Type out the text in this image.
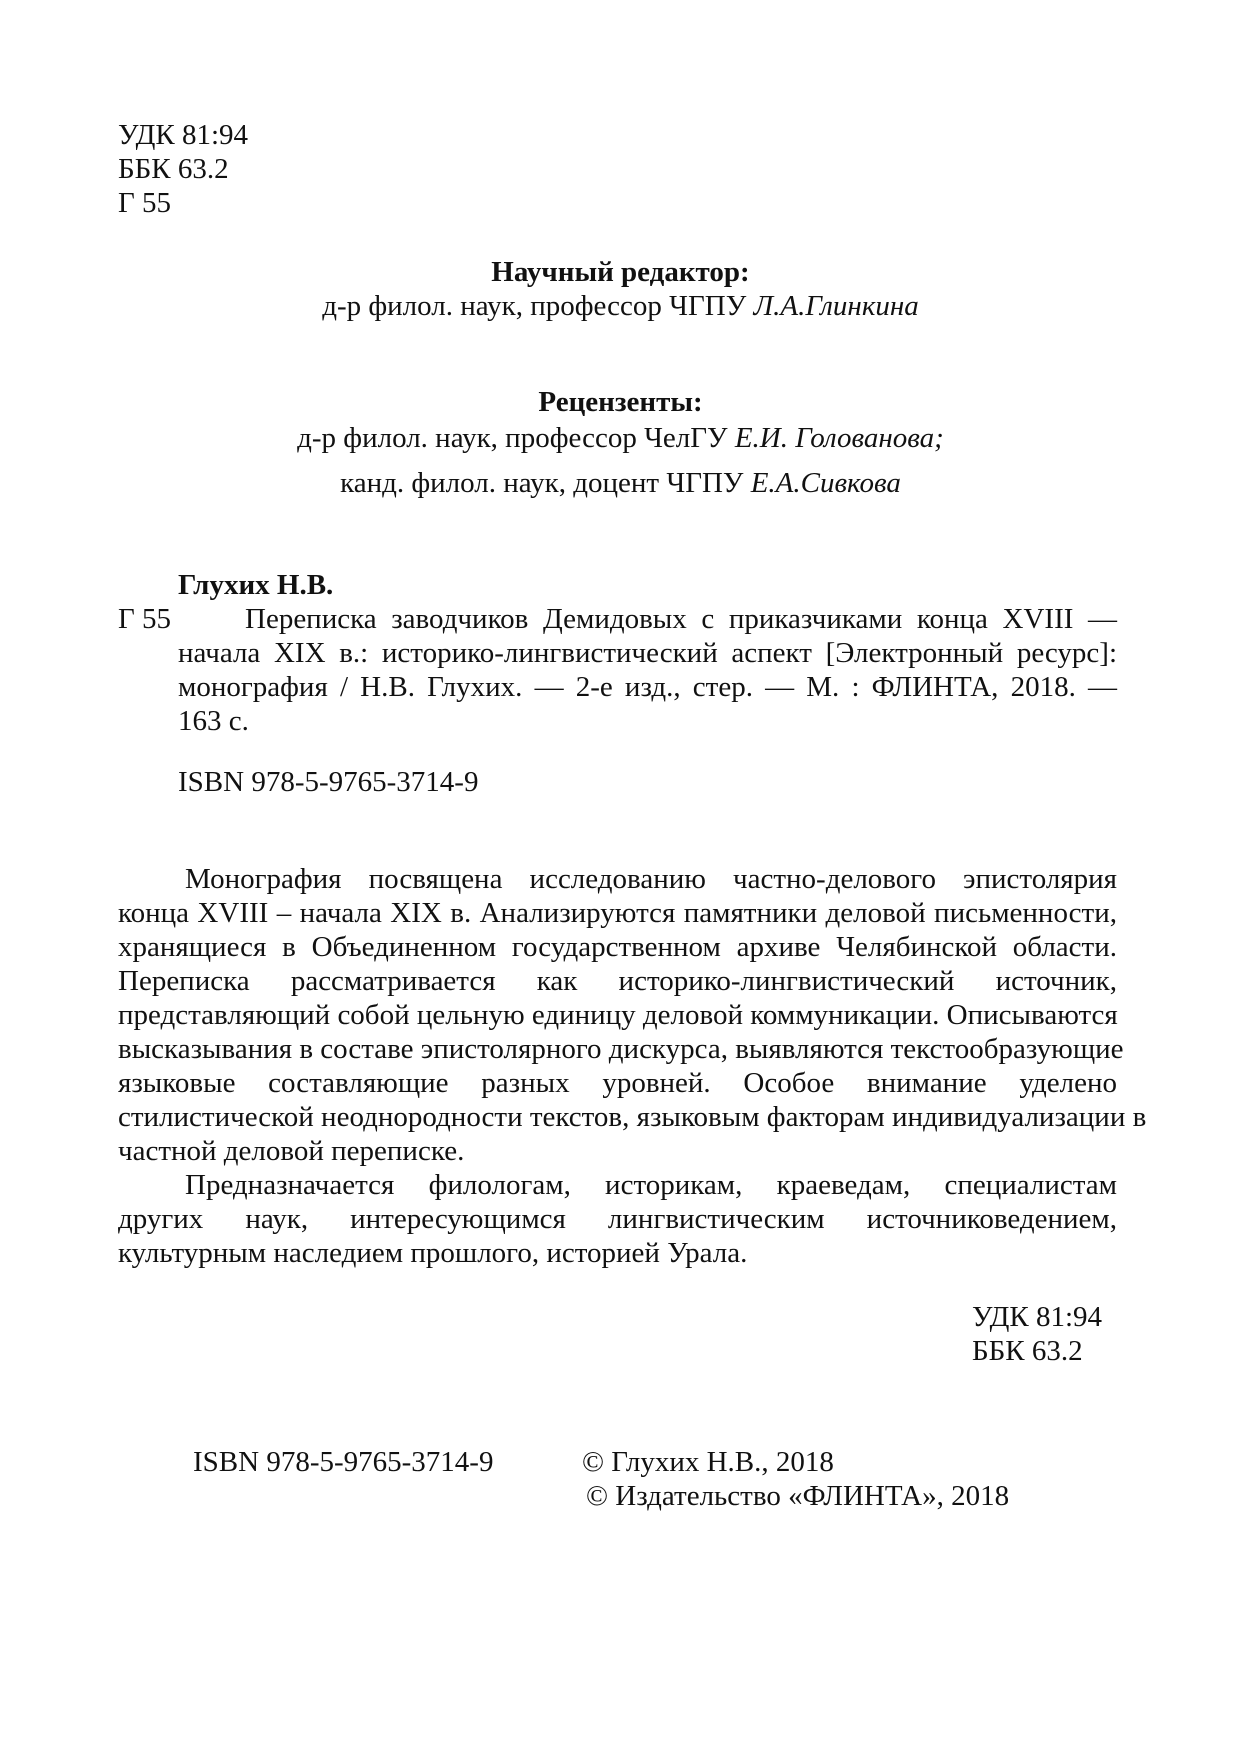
УДК 81:94
ББК 63.2
Г 55
Научный редактор:
д-р филол. наук, профессор ЧГПУ Л.А.Глинкина
Рецензенты:
д-р филол. наук, профессор ЧелГУ Е.И. Голованова;
канд. филол. наук, доцент ЧГПУ Е.А.Сивкова
Глухих Н.В.
Г 55	Переписка заводчиков Демидовых с приказчиками конца XVIII —
начала XIX в.: историко-лингвистический аспект [Электронный ресурс]:
монография / Н.В. Глухих. — 2-е изд., стер. — М. : ФЛИНТА, 2018. —
163 с.
ISBN 978-5-9765-3714-9
Монография посвящена исследованию частно-делового эпистолярия
конца XVIII – начала XIX в. Анализируются памятники деловой письменности,
хранящиеся в Объединенном государственном архиве Челябинской области.
Переписка рассматривается как историко-лингвистический источник,
представляющий собой цельную единицу деловой коммуникации. Описываются
высказывания в составе эпистолярного дискурса, выявляются текстообразующие
языковые составляющие разных уровней. Особое внимание уделено
стилистической неоднородности текстов, языковым факторам индивидуализации в
частной деловой переписке.
Предназначается филологам, историкам, краеведам, специалистам
других наук, интересующимся лингвистическим источниковедением,
культурным наследием прошлого, историей Урала.
УДК 81:94
ББК 63.2
ISBN 978-5-9765-3714-9	© Глухих Н.В., 2018
© Издательство «ФЛИНТА», 2018
